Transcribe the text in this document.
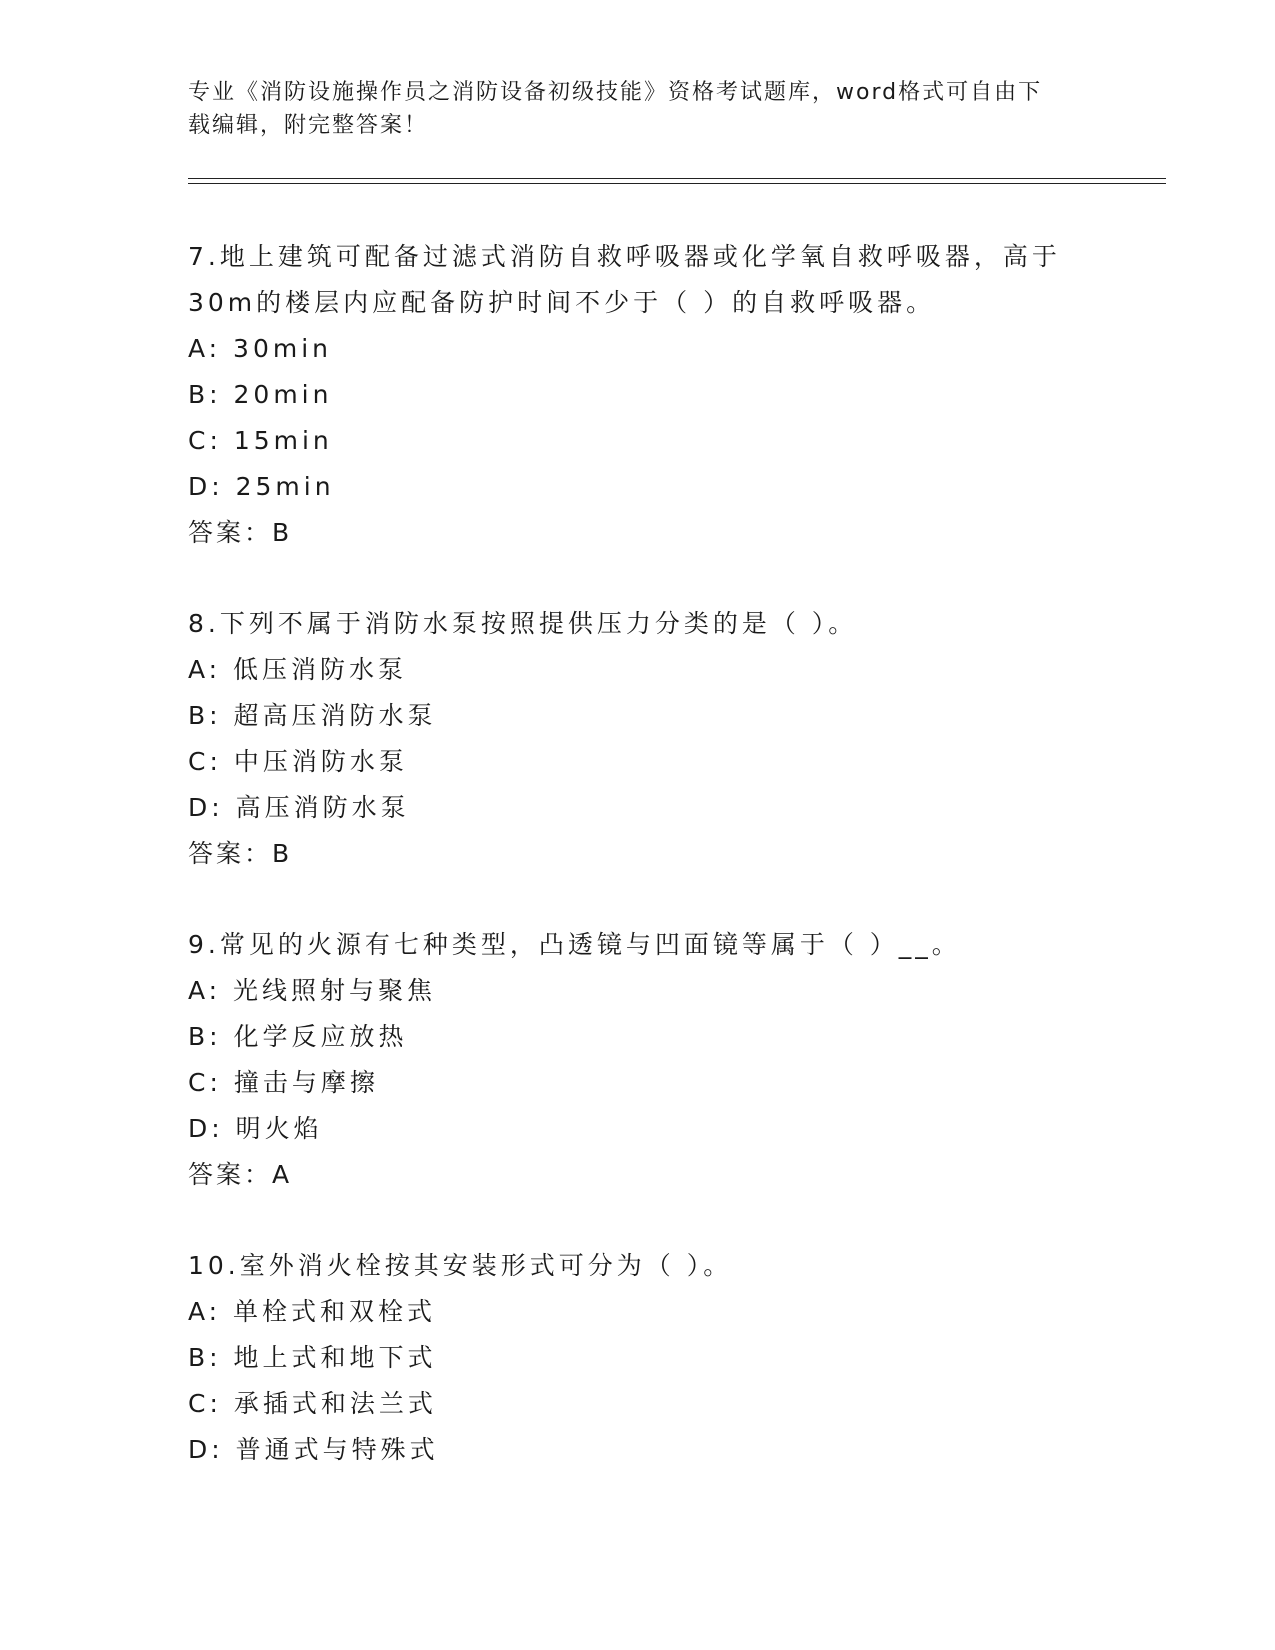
专业《消防设施操作员之消防设备初级技能》资格考试题库，word格式可自由下
载编辑，附完整答案！

7.地上建筑可配备过滤式消防自救呼吸器或化学氧自救呼吸器，高于

30m的楼层内应配备防护时间不少于（ ）的自救呼吸器。

A: 30min

B: 20min

C: 15min

D: 25min

答案：B

8.下列不属于消防水泵按照提供压力分类的是（ ）。

A: 低压消防水泵

B: 超高压消防水泵

C: 中压消防水泵

D: 高压消防水泵

答案：B

9.常见的火源有七种类型，凸透镜与凹面镜等属于（ ）__。

A: 光线照射与聚焦

B: 化学反应放热

C: 撞击与摩擦

D: 明火焰

答案：A

10.室外消火栓按其安装形式可分为（ ）。

A: 单栓式和双栓式

B: 地上式和地下式

C: 承插式和法兰式

D: 普通式与特殊式
